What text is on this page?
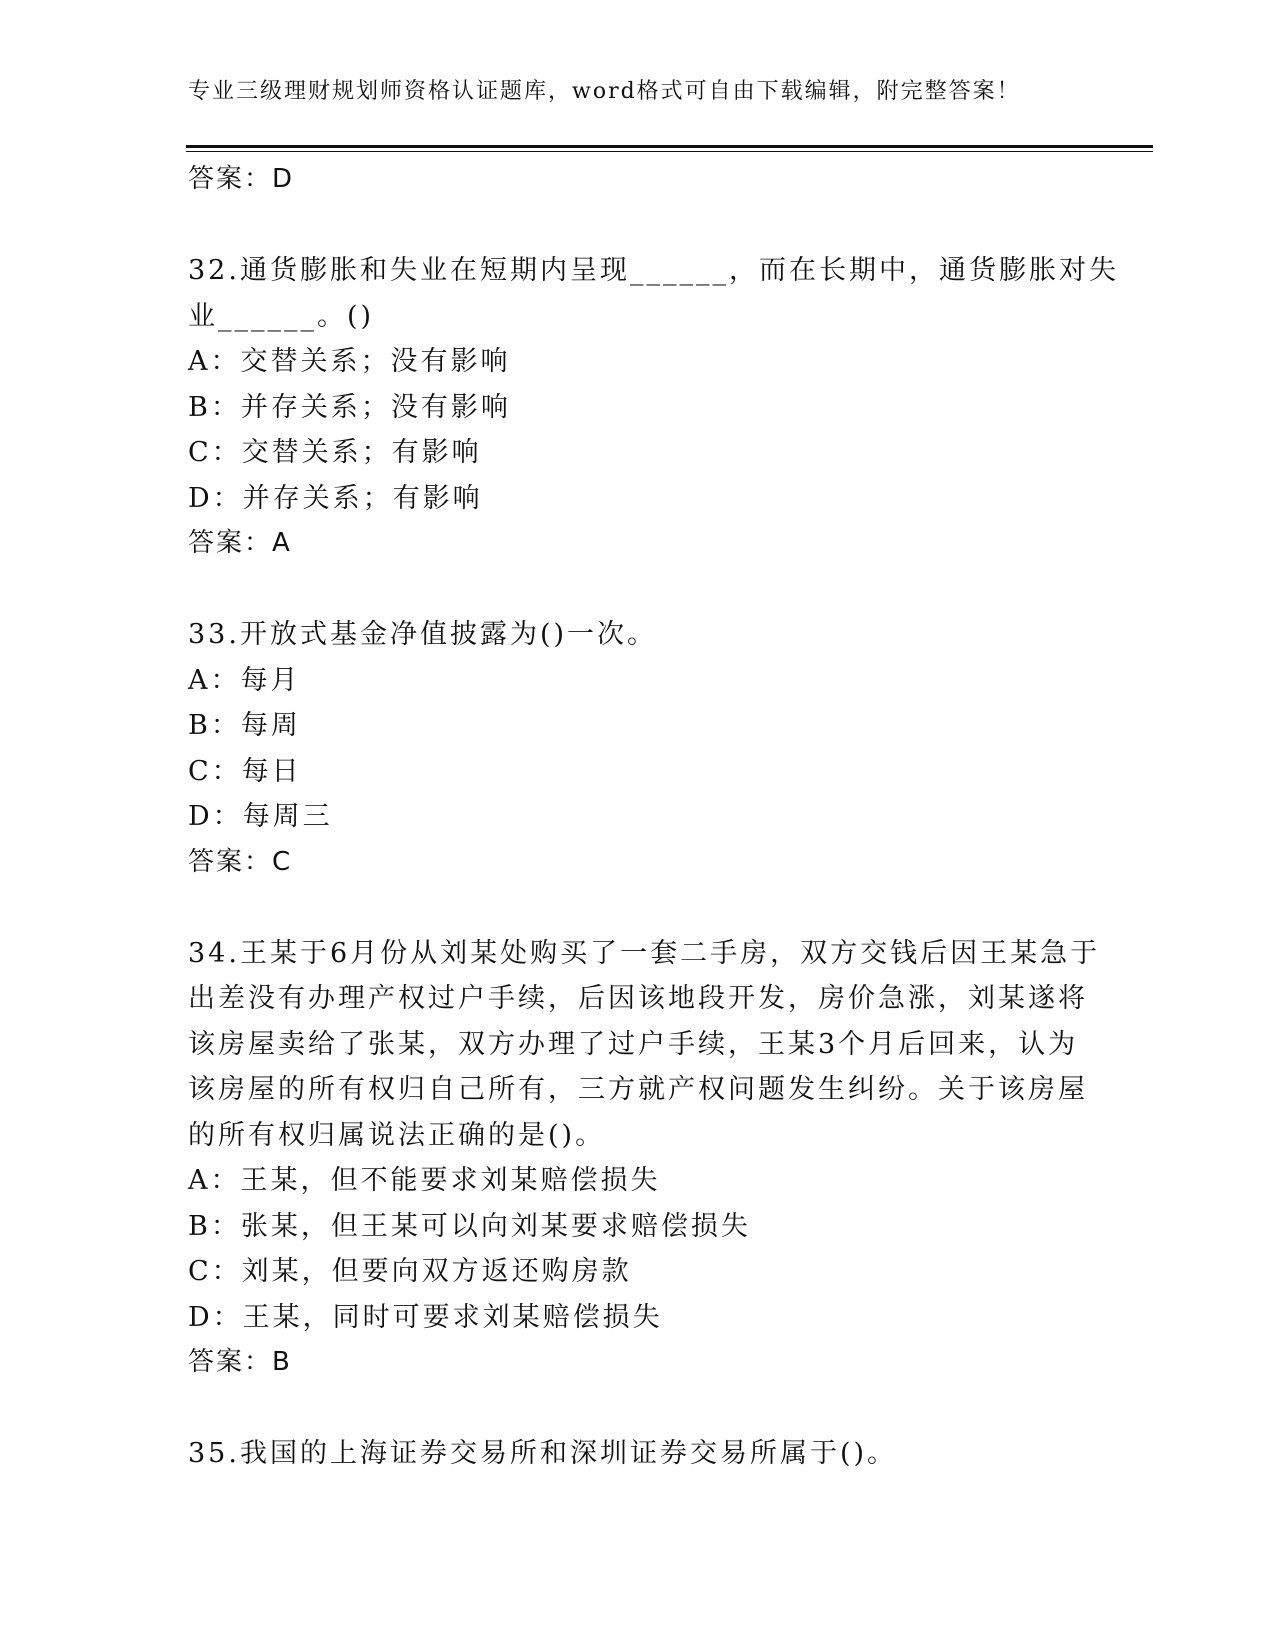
专业三级理财规划师资格认证题库，word格式可自由下载编辑，附完整答案！
答案：D
32.通货膨胀和失业在短期内呈现______，而在长期中，通货膨胀对失
业______。()
A：交替关系；没有影响
B：并存关系；没有影响
C：交替关系；有影响
D：并存关系；有影响
答案：A
33.开放式基金净值披露为()一次。
A：每月
B：每周
C：每日
D：每周三
答案：C
34.王某于6月份从刘某处购买了一套二手房，双方交钱后因王某急于
出差没有办理产权过户手续，后因该地段开发，房价急涨，刘某遂将
该房屋卖给了张某，双方办理了过户手续，王某3个月后回来，认为
该房屋的所有权归自己所有，三方就产权问题发生纠纷。关于该房屋
的所有权归属说法正确的是()。
A：王某，但不能要求刘某赔偿损失
B：张某，但王某可以向刘某要求赔偿损失
C：刘某，但要向双方返还购房款
D：王某，同时可要求刘某赔偿损失
答案：B
35.我国的上海证券交易所和深圳证券交易所属于()。
